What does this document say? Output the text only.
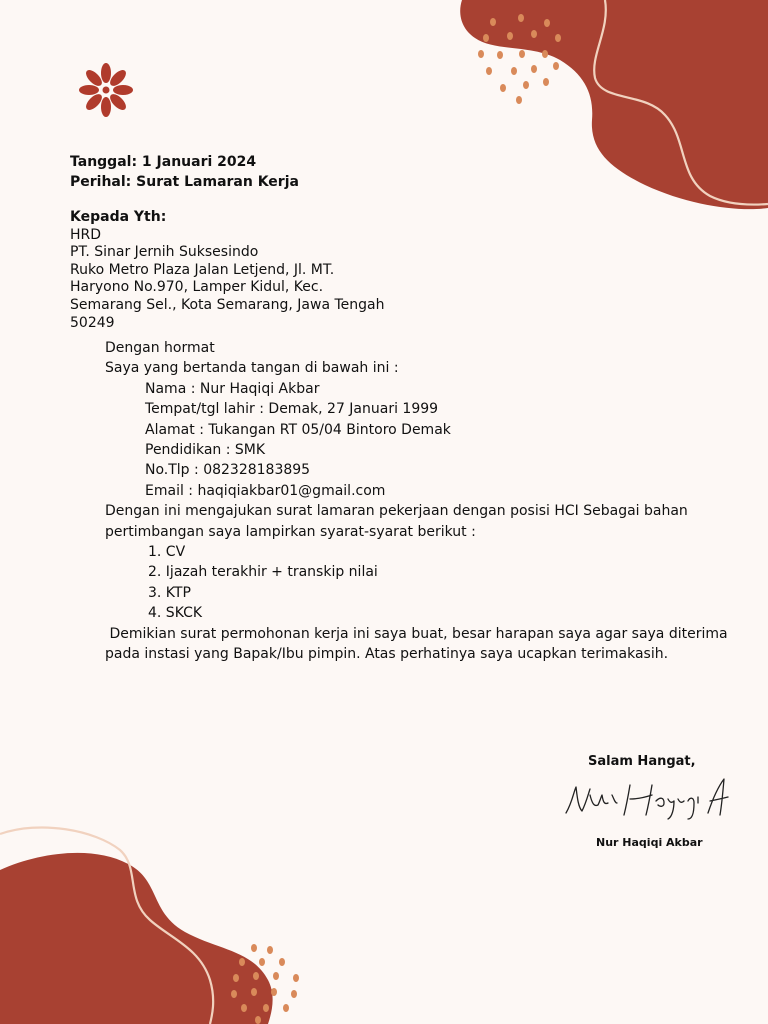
Tanggal: 1 Januari 2024
Perihal: Surat Lamaran Kerja
Kepada Yth:
HRD
PT. Sinar Jernih Suksesindo
Ruko Metro Plaza Jalan Letjend, Jl. MT.
Haryono No.970, Lamper Kidul, Kec.
Semarang Sel., Kota Semarang, Jawa Tengah
50249
Dengan hormat
Saya yang bertanda tangan di bawah ini :
Nama : Nur Haqiqi Akbar
Tempat/tgl lahir : Demak, 27 Januari 1999
Alamat : Tukangan RT 05/04 Bintoro Demak
Pendidikan : SMK
No.Tlp : 082328183895
Email : haqiqiakbar01@gmail.com
Dengan ini mengajukan surat lamaran pekerjaan dengan posisi HCI Sebagai bahan
pertimbangan saya lampirkan syarat-syarat berikut :
1. CV
2. Ijazah terakhir + transkip nilai
3. KTP
4. SKCK
Demikian surat permohonan kerja ini saya buat, besar harapan saya agar saya diterima
pada instasi yang Bapak/Ibu pimpin. Atas perhatinya saya ucapkan terimakasih.
Salam Hangat,
Nur Haqiqi Akbar
